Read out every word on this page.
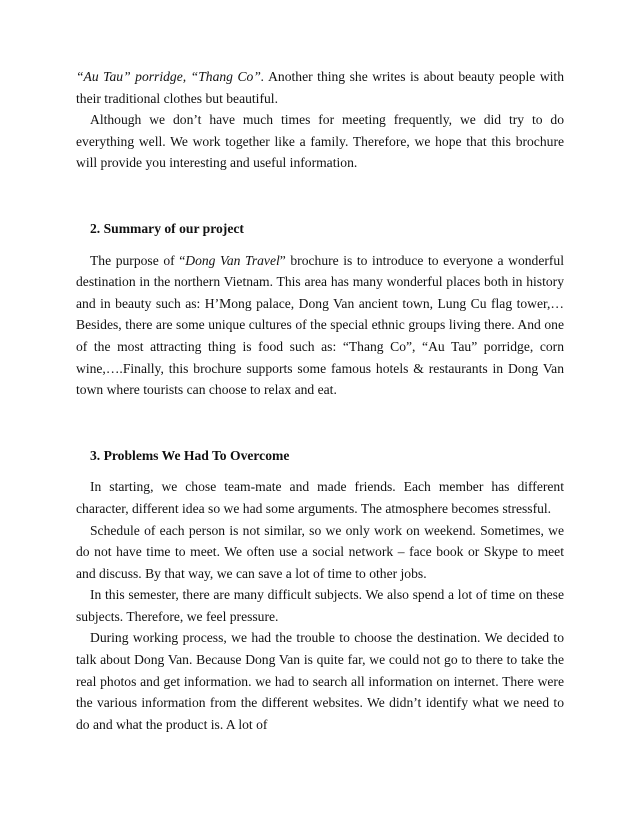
“Au Tau” porridge, “Thang Co”. Another thing she writes is about beauty people with their traditional clothes but beautiful.

Although we don’t have much times for meeting frequently, we did try to do everything well. We work together like a family. Therefore, we hope that this brochure will provide you interesting and useful information.

2. Summary of our project

The purpose of “Dong Van Travel” brochure is to introduce to everyone a wonderful destination in the northern Vietnam. This area has many wonderful places both in history and in beauty such as: H’Mong palace, Dong Van ancient town, Lung Cu flag tower,…Besides, there are some unique cultures of the special ethnic groups living there. And one of the most attracting thing is food such as: “Thang Co”, “Au Tau” porridge, corn wine,….Finally, this brochure supports some famous hotels & restaurants in Dong Van town where tourists can choose to relax and eat.

3. Problems We Had To Overcome

In starting, we chose team-mate and made friends. Each member has different character, different idea so we had some arguments. The atmosphere becomes stressful.

Schedule of each person is not similar, so we only work on weekend. Sometimes, we do not have time to meet. We often use a social network – face book or Skype to meet and discuss. By that way, we can save a lot of time to other jobs.

In this semester, there are many difficult subjects. We also spend a lot of time on these subjects. Therefore, we feel pressure.

During working process, we had the trouble to choose the destination. We decided to talk about Dong Van. Because Dong Van is quite far, we could not go to there to take the real photos and get information. we had to search all information on internet. There were the various information from the different websites. We didn’t identify what we need to do and what the product is. A lot of
